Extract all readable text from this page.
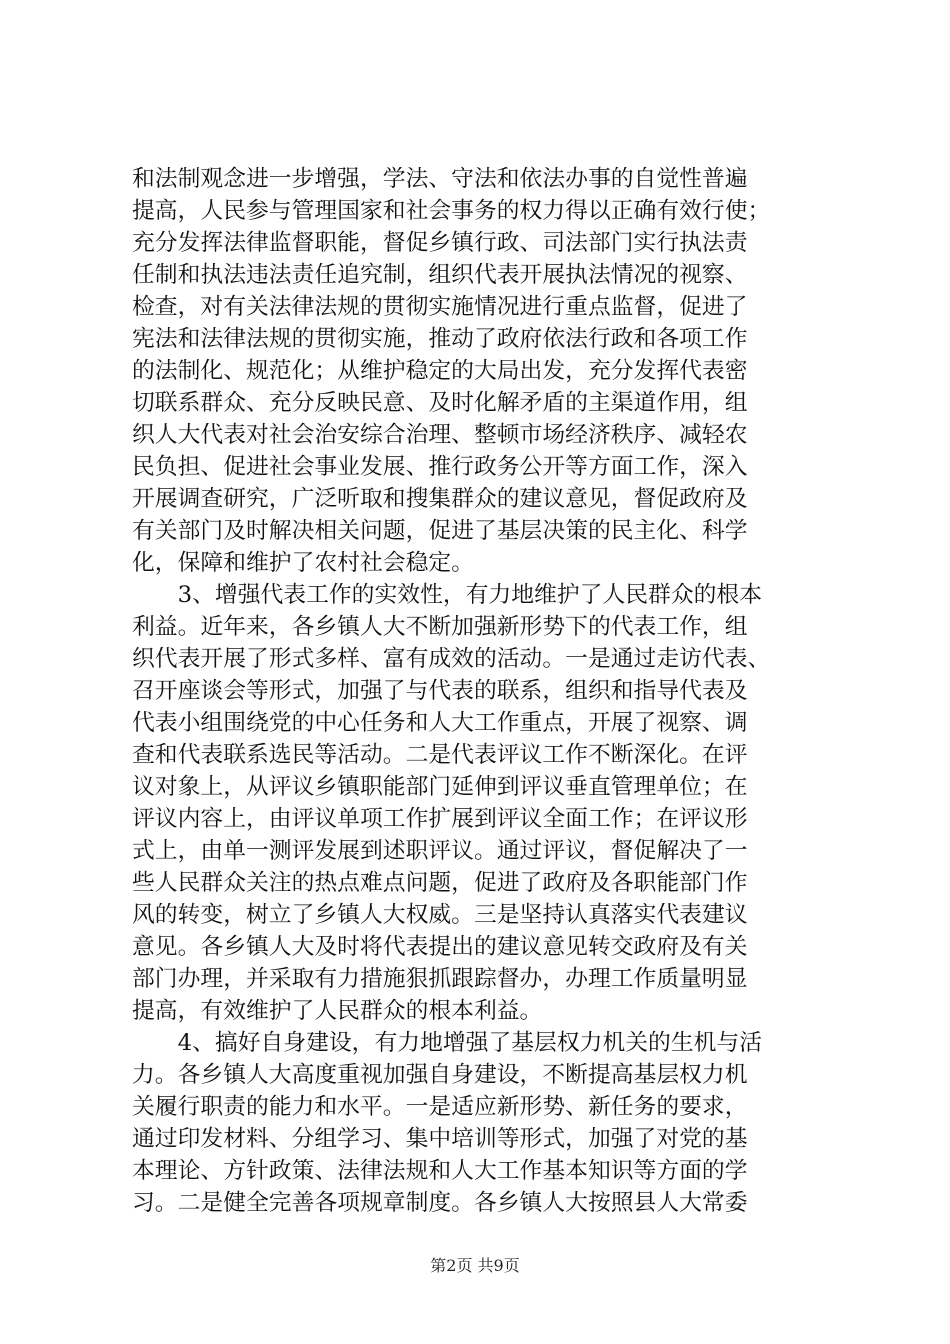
和法制观念进一步增强，学法、守法和依法办事的自觉性普遍
提高，人民参与管理国家和社会事务的权力得以正确有效行使；
充分发挥法律监督职能，督促乡镇行政、司法部门实行执法责
任制和执法违法责任追究制，组织代表开展执法情况的视察、
检查，对有关法律法规的贯彻实施情况进行重点监督，促进了
宪法和法律法规的贯彻实施，推动了政府依法行政和各项工作
的法制化、规范化；从维护稳定的大局出发，充分发挥代表密
切联系群众、充分反映民意、及时化解矛盾的主渠道作用，组
织人大代表对社会治安综合治理、整顿市场经济秩序、减轻农
民负担、促进社会事业发展、推行政务公开等方面工作，深入
开展调查研究，广泛听取和搜集群众的建议意见，督促政府及
有关部门及时解决相关问题，促进了基层决策的民主化、科学
化，保障和维护了农村社会稳定。
　　3、增强代表工作的实效性，有力地维护了人民群众的根本
利益。近年来，各乡镇人大不断加强新形势下的代表工作，组
织代表开展了形式多样、富有成效的活动。一是通过走访代表、
召开座谈会等形式，加强了与代表的联系，组织和指导代表及
代表小组围绕党的中心任务和人大工作重点，开展了视察、调
查和代表联系选民等活动。二是代表评议工作不断深化。在评
议对象上，从评议乡镇职能部门延伸到评议垂直管理单位；在
评议内容上，由评议单项工作扩展到评议全面工作；在评议形
式上，由单一测评发展到述职评议。通过评议，督促解决了一
些人民群众关注的热点难点问题，促进了政府及各职能部门作
风的转变，树立了乡镇人大权威。三是坚持认真落实代表建议
意见。各乡镇人大及时将代表提出的建议意见转交政府及有关
部门办理，并采取有力措施狠抓跟踪督办，办理工作质量明显
提高，有效维护了人民群众的根本利益。
　　4、搞好自身建设，有力地增强了基层权力机关的生机与活
力。各乡镇人大高度重视加强自身建设，不断提高基层权力机
关履行职责的能力和水平。一是适应新形势、新任务的要求，
通过印发材料、分组学习、集中培训等形式，加强了对党的基
本理论、方针政策、法律法规和人大工作基本知识等方面的学
习。二是健全完善各项规章制度。各乡镇人大按照县人大常委
第2页 共9页
